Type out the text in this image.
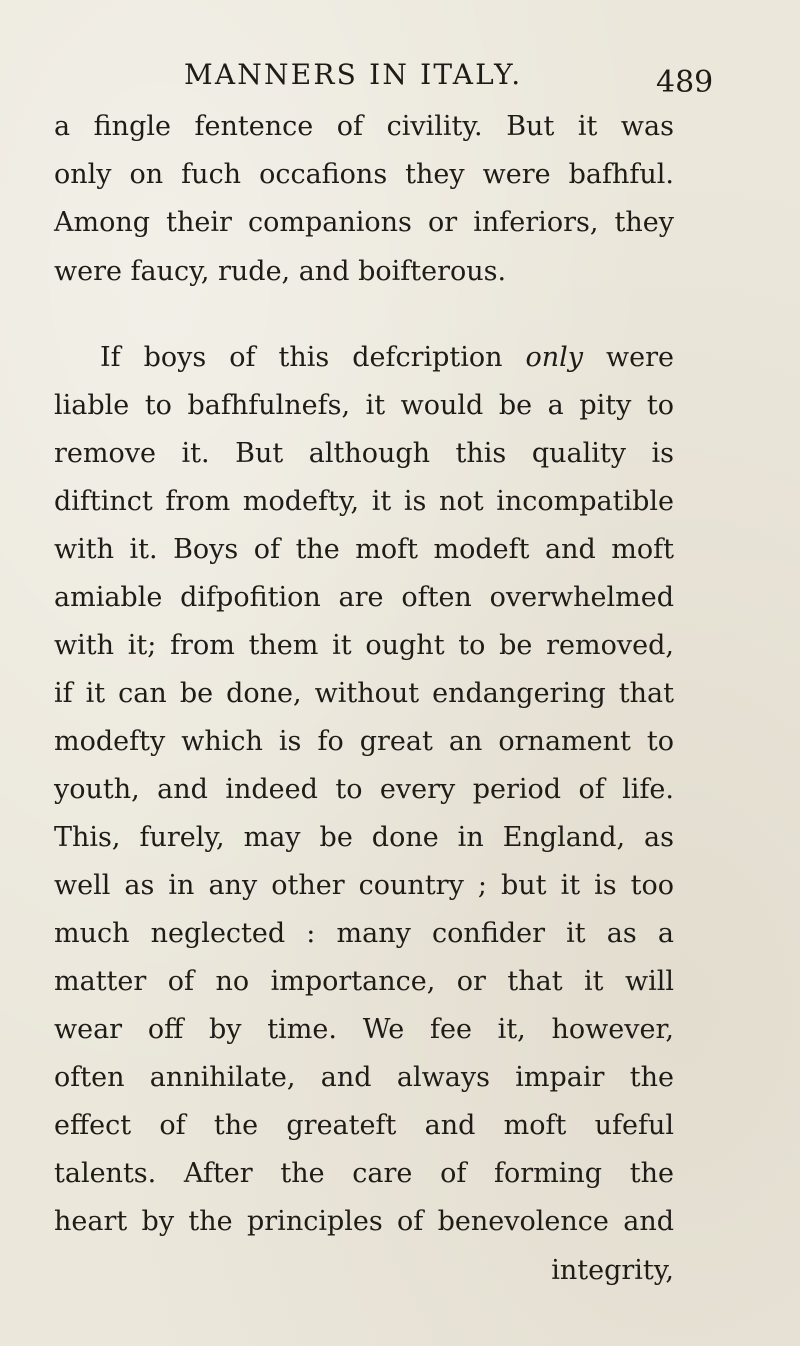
MANNERS IN ITALY.	489
a fingle fentence of civility. But it was
only on fuch occafions they were bafhful.
Among their companions or inferiors, they
were faucy, rude, and boifterous.
If boys of this defcription only were
liable to bafhfulnefs, it would be a pity to
remove it. But although this quality is
diftinct from modefty, it is not incompatible
with it. Boys of the moft modeft and moft
amiable difpofition are often overwhelmed
with it; from them it ought to be removed,
if it can be done, without endangering that
modefty which is fo great an ornament to
youth, and indeed to every period of life.
This, furely, may be done in England, as
well as in any other country ; but it is too
much neglected : many confider it as a
matter of no importance, or that it will
wear off by time. We fee it, however,
often annihilate, and always impair the
effect of the greateft and moft ufeful
talents. After the care of forming the
heart by the principles of benevolence and
integrity,
